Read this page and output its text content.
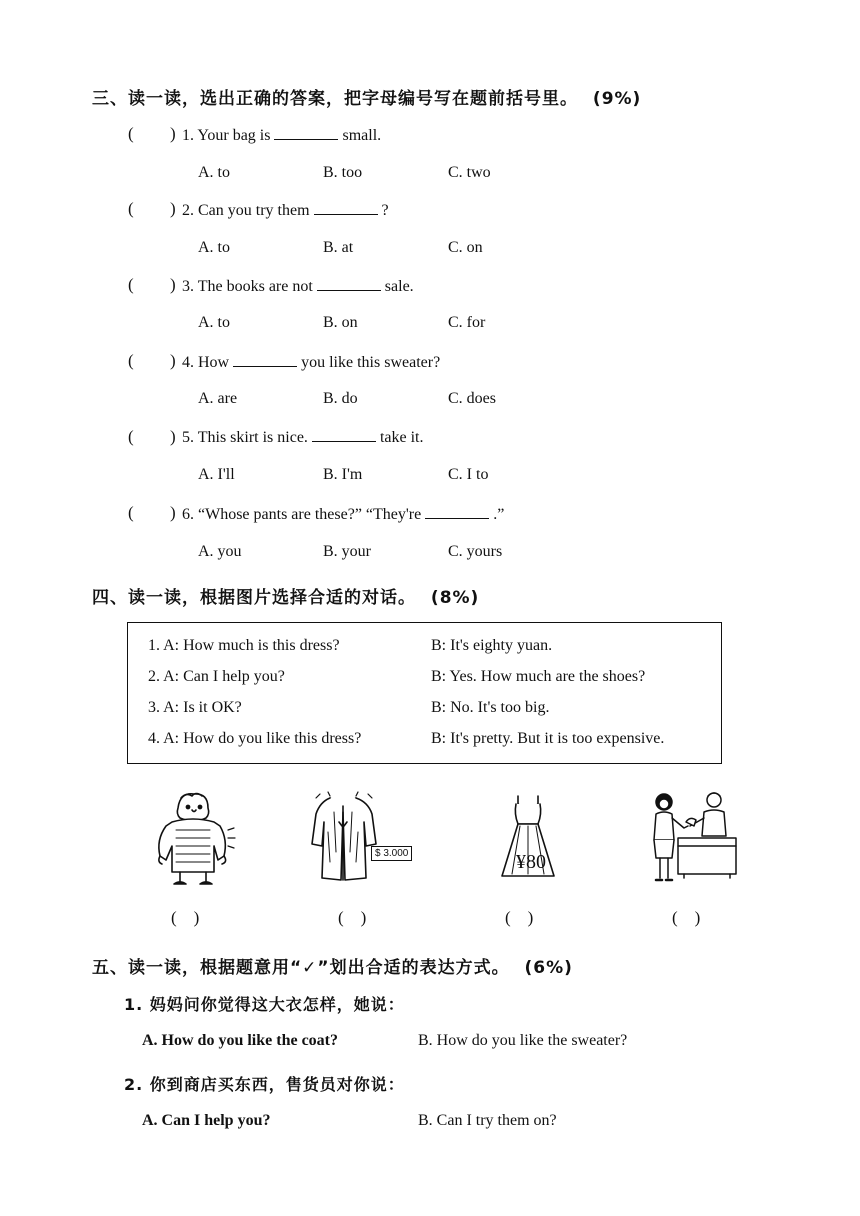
三、读一读，选出正确的答案，把字母编号写在题前括号里。 (9%)
( ) 1. Your bag is	small.
A. to	B. too	C. two
( ) 2. Can you try them	?
A. to	B. at	C. on
( ) 3. The books are not	sale.
A. to	B. on	C. for
( ) 4. How	you like this sweater?
A. are	B. do	C. does
( ) 5. This skirt is nice.	take it.
A. I'll	B. I'm	C. I to
( ) 6. “Whose pants are these?” “They're	.”
A. you	B. your	C. yours
四、读一读，根据图片选择合适的对话。 (8%)
1. A: How much is this dress?	B: It's eighty yuan.
2. A: Can I help you?	B: Yes. How much are the shoes?
3. A: Is it OK?	B: No. It's too big.
4. A: How do you like this dress?	B: It's pretty. But it is too expensive.
$ 3.000	¥80
(    )	(    )	(    )	(    )
五、读一读，根据题意用“✓”划出合适的表达方式。 (6%)
1. 妈妈问你觉得这大衣怎样，她说：
A. How do you like the coat?	B. How do you like the sweater?
2. 你到商店买东西，售货员对你说：
A. Can I help you?	B. Can I try them on?
